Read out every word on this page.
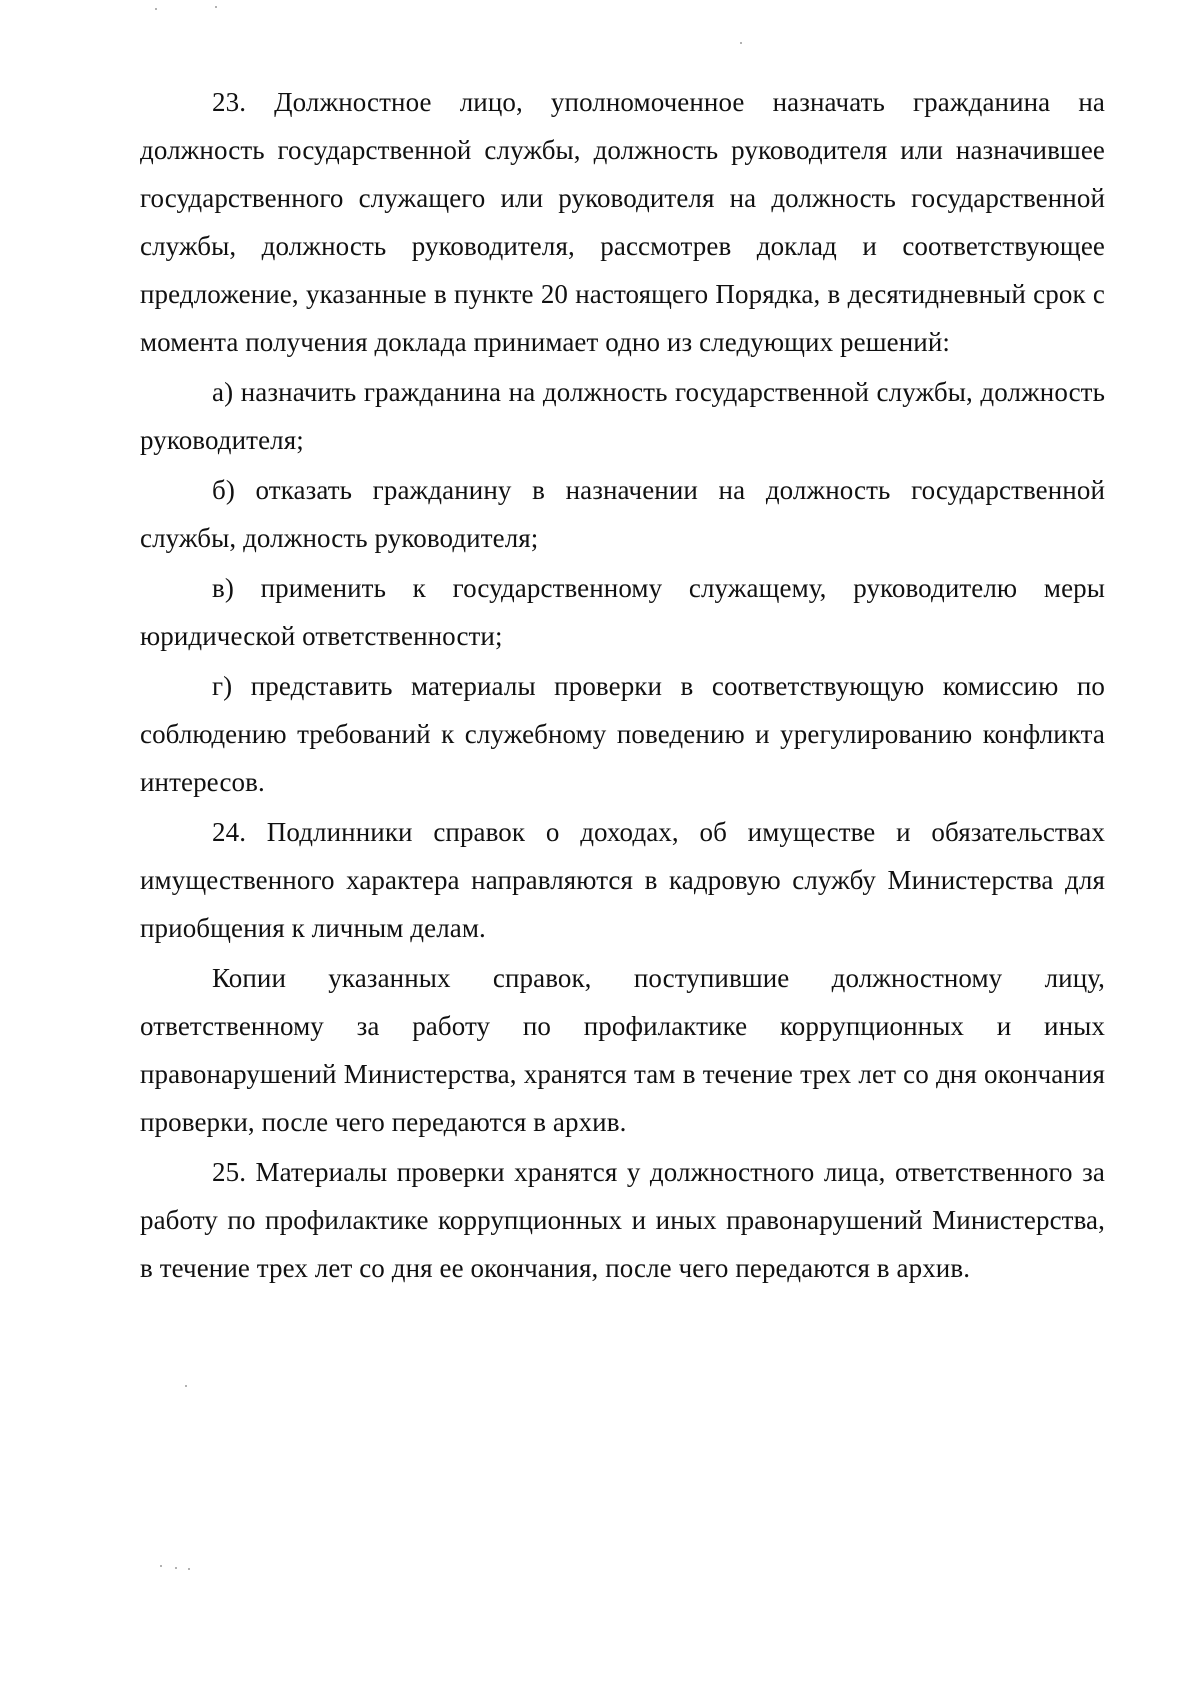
23. Должностное лицо, уполномоченное назначать гражданина на должность государственной службы, должность руководителя или назначившее государственного служащего или руководителя на должность государственной службы, должность руководителя, рассмотрев доклад и соответствующее предложение, указанные в пункте 20 настоящего Порядка, в десятидневный срок с момента получения доклада принимает одно из следующих решений:

а) назначить гражданина на должность государственной службы, должность руководителя;

б) отказать гражданину в назначении на должность государственной службы, должность руководителя;

в) применить к государственному служащему, руководителю меры юридической ответственности;

г) представить материалы проверки в соответствующую комиссию по соблюдению требований к служебному поведению и урегулированию конфликта интересов.

24. Подлинники справок о доходах, об имуществе и обязательствах имущественного характера направляются в кадровую службу Министерства для приобщения к личным делам.

Копии указанных справок, поступившие должностному лицу, ответственному за работу по профилактике коррупционных и иных правонарушений Министерства, хранятся там в течение трех лет со дня окончания проверки, после чего передаются в архив.

25. Материалы проверки хранятся у должностного лица, ответственного за работу по профилактике коррупционных и иных правонарушений Министерства, в течение трех лет со дня ее окончания, после чего передаются в архив.
